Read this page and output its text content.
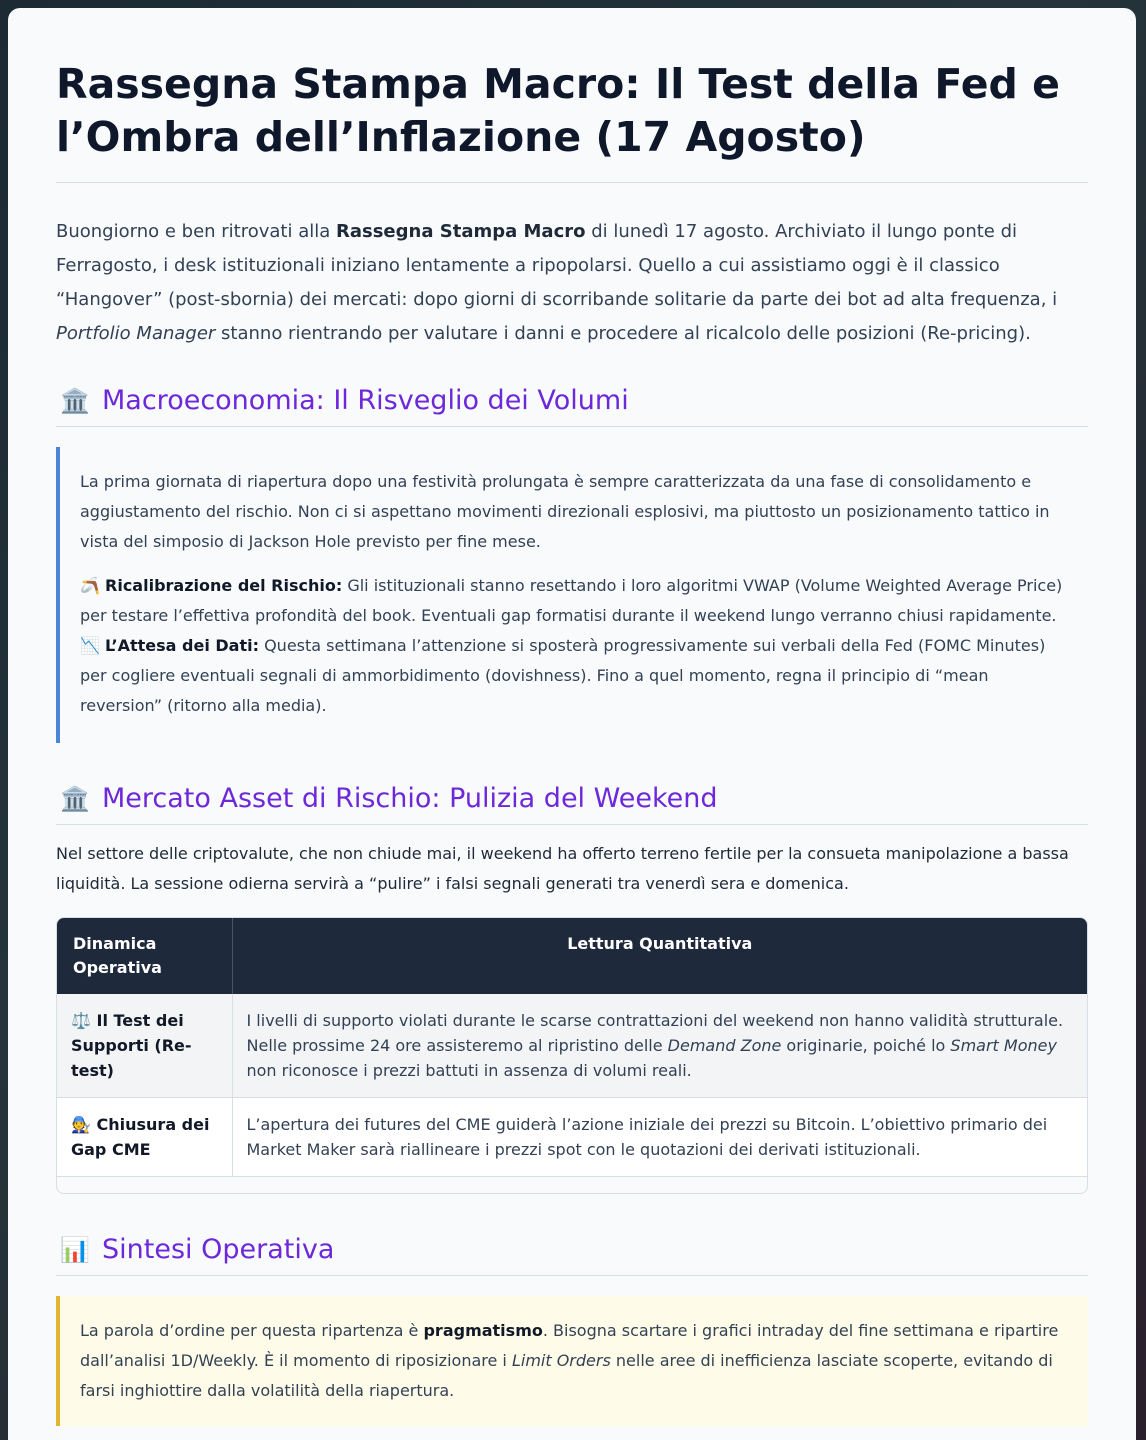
Rassegna Stampa Macro: Il Test della Fed e l’Ombra dell’Inflazione (17 Agosto)

Buongiorno e ben ritrovati alla Rassegna Stampa Macro di lunedì 17 agosto. Archiviato il lungo ponte di Ferragosto, i desk istituzionali iniziano lentamente a ripopolarsi. Quello a cui assistiamo oggi è il classico “Hangover” (post-sbornia) dei mercati: dopo giorni di scorribande solitarie da parte dei bot ad alta frequenza, i Portfolio Manager stanno rientrando per valutare i danni e procedere al ricalcolo delle posizioni (Re-pricing).

🏛️ Macroeconomia: Il Risveglio dei Volumi

La prima giornata di riapertura dopo una festività prolungata è sempre caratterizzata da una fase di consolidamento e aggiustamento del rischio. Non ci si aspettano movimenti direzionali esplosivi, ma piuttosto un posizionamento tattico in vista del simposio di Jackson Hole previsto per fine mese.

🪃 Ricalibrazione del Rischio: Gli istituzionali stanno resettando i loro algoritmi VWAP (Volume Weighted Average Price) per testare l’effettiva profondità del book. Eventuali gap formatisi durante il weekend lungo verranno chiusi rapidamente.

📉 L’Attesa dei Dati: Questa settimana l’attenzione si sposterà progressivamente sui verbali della Fed (FOMC Minutes) per cogliere eventuali segnali di ammorbidimento (dovishness). Fino a quel momento, regna il principio di “mean reversion” (ritorno alla media).

🏛️ Mercato Asset di Rischio: Pulizia del Weekend

Nel settore delle criptovalute, che non chiude mai, il weekend ha offerto terreno fertile per la consueta manipolazione a bassa liquidità. La sessione odierna servirà a “pulire” i falsi segnali generati tra venerdì sera e domenica.

Dinamica Operativa	Lettura Quantitativa
⚖️ Il Test dei Supporti (Re-test)	I livelli di supporto violati durante le scarse contrattazioni del weekend non hanno validità strutturale. Nelle prossime 24 ore assisteremo al ripristino delle Demand Zone originarie, poiché lo Smart Money non riconosce i prezzi battuti in assenza di volumi reali.
🧑‍🔧 Chiusura dei Gap CME	L’apertura dei futures del CME guiderà l’azione iniziale dei prezzi su Bitcoin. L’obiettivo primario dei Market Maker sarà riallineare i prezzi spot con le quotazioni dei derivati istituzionali.
📊 Sintesi Operativa

La parola d’ordine per questa ripartenza è pragmatismo. Bisogna scartare i grafici intraday del fine settimana e ripartire dall’analisi 1D/Weekly. È il momento di riposizionare i Limit Orders nelle aree di inefficienza lasciate scoperte, evitando di farsi inghiottire dalla volatilità della riapertura.
